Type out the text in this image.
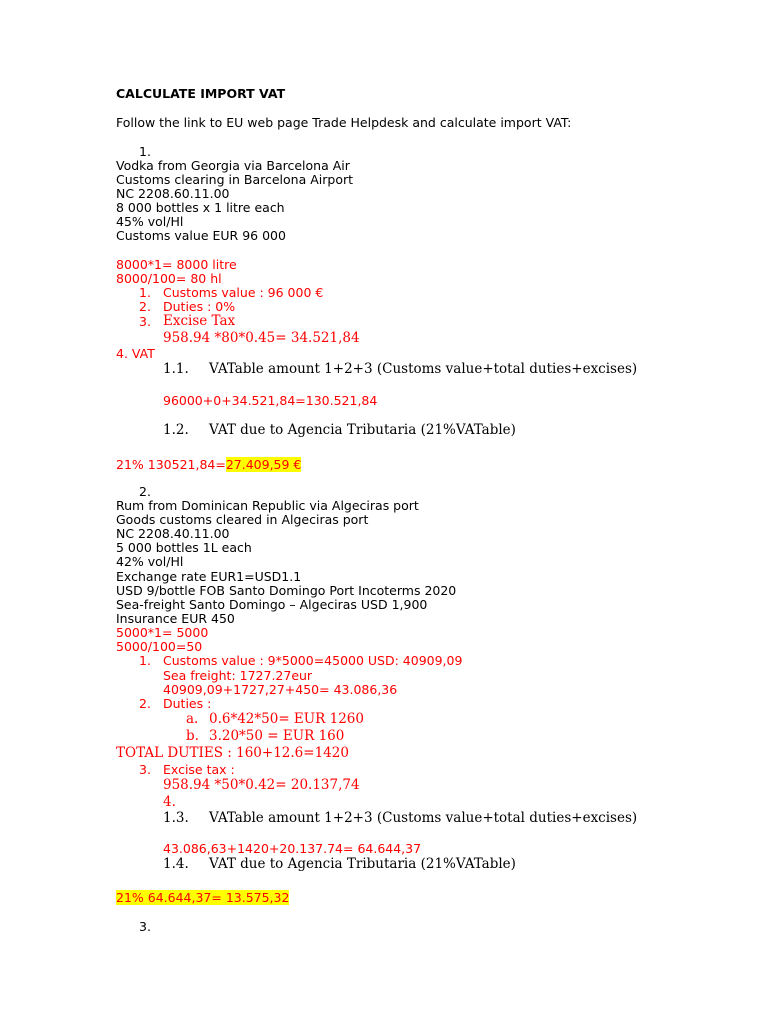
CALCULATE IMPORT VAT
Follow the link to EU web page Trade Helpdesk and calculate import VAT:
1.
Vodka from Georgia via Barcelona Air
Customs clearing in Barcelona Airport
NC 2208.60.11.00
8 000 bottles x 1 litre each
45% vol/Hl
Customs value EUR 96 000
8000*1= 8000 litre
8000/100= 80 hl
1. Customs value : 96 000 €
2. Duties : 0%
3. Excise Tax
958.94 *80*0.45= 34.521,84
4. VAT
1.1. VATable amount 1+2+3 (Customs value+total duties+excises)
96000+0+34.521,84=130.521,84
1.2. VAT due to Agencia Tributaria (21%VATable)
21% 130521,84=27.409,59 €
2.
Rum from Dominican Republic via Algeciras port
Goods customs cleared in Algeciras port
NC 2208.40.11.00
5 000 bottles 1L each
42% vol/Hl
Exchange rate EUR1=USD1.1
USD 9/bottle FOB Santo Domingo Port Incoterms 2020
Sea-freight Santo Domingo – Algeciras USD 1,900
Insurance EUR 450
5000*1= 5000
5000/100=50
1. Customs value : 9*5000=45000 USD: 40909,09
Sea freight: 1727.27eur
40909,09+1727,27+450= 43.086,36
2. Duties :
a. 0.6*42*50= EUR 1260
b. 3.20*50 = EUR 160
TOTAL DUTIES : 160+12.6=1420
3. Excise tax :
958.94 *50*0.42= 20.137,74
4.
1.3. VATable amount 1+2+3 (Customs value+total duties+excises)
43.086,63+1420+20.137.74= 64.644,37
1.4. VAT due to Agencia Tributaria (21%VATable)
21% 64.644,37= 13.575,32
3.
